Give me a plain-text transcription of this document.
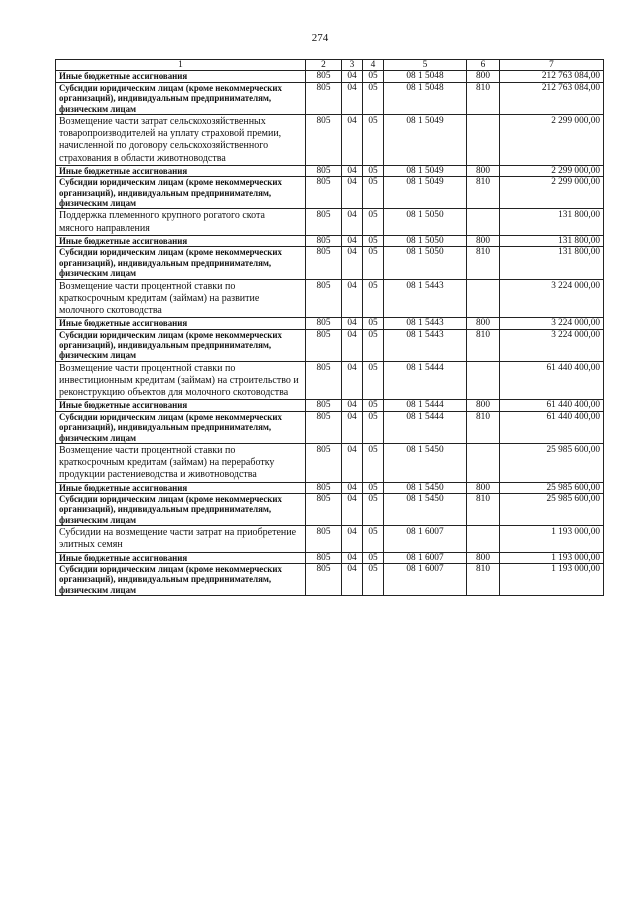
274
1	2	3	4	5	6	7
Иные бюджетные ассигнования	805	04	05	08 1 5048	800	212 763 084,00
Субсидии юридическим лицам (кроме некоммерческих организаций), индивидуальным предпринимателям, физическим лицам	805	04	05	08 1 5048	810	212 763 084,00
Возмещение части затрат сельскохозяйственных товаропроизводителей на уплату страховой премии, начисленной по договору сельскохозяйственного страхования в области животноводства	805	04	05	08 1 5049		2 299 000,00
Иные бюджетные ассигнования	805	04	05	08 1 5049	800	2 299 000,00
Субсидии юридическим лицам (кроме некоммерческих организаций), индивидуальным предпринимателям, физическим лицам	805	04	05	08 1 5049	810	2 299 000,00
Поддержка племенного крупного рогатого скота мясного направления	805	04	05	08 1 5050		131 800,00
Иные бюджетные ассигнования	805	04	05	08 1 5050	800	131 800,00
Субсидии юридическим лицам (кроме некоммерческих организаций), индивидуальным предпринимателям, физическим лицам	805	04	05	08 1 5050	810	131 800,00
Возмещение части процентной ставки по краткосрочным кредитам (займам) на развитие молочного скотоводства	805	04	05	08 1 5443		3 224 000,00
Иные бюджетные ассигнования	805	04	05	08 1 5443	800	3 224 000,00
Субсидии юридическим лицам (кроме некоммерческих организаций), индивидуальным предпринимателям, физическим лицам	805	04	05	08 1 5443	810	3 224 000,00
Возмещение части процентной ставки по инвестиционным кредитам (займам) на строительство и реконструкцию объектов для молочного скотоводства	805	04	05	08 1 5444		61 440 400,00
Иные бюджетные ассигнования	805	04	05	08 1 5444	800	61 440 400,00
Субсидии юридическим лицам (кроме некоммерческих организаций), индивидуальным предпринимателям, физическим лицам	805	04	05	08 1 5444	810	61 440 400,00
Возмещение части процентной ставки по краткосрочным кредитам (займам) на переработку продукции растениеводства и животноводства	805	04	05	08 1 5450		25 985 600,00
Иные бюджетные ассигнования	805	04	05	08 1 5450	800	25 985 600,00
Субсидии юридическим лицам (кроме некоммерческих организаций), индивидуальным предпринимателям, физическим лицам	805	04	05	08 1 5450	810	25 985 600,00
Субсидии на возмещение части затрат на приобретение элитных семян	805	04	05	08 1 6007		1 193 000,00
Иные бюджетные ассигнования	805	04	05	08 1 6007	800	1 193 000,00
Субсидии юридическим лицам (кроме некоммерческих организаций), индивидуальным предпринимателям, физическим лицам	805	04	05	08 1 6007	810	1 193 000,00
